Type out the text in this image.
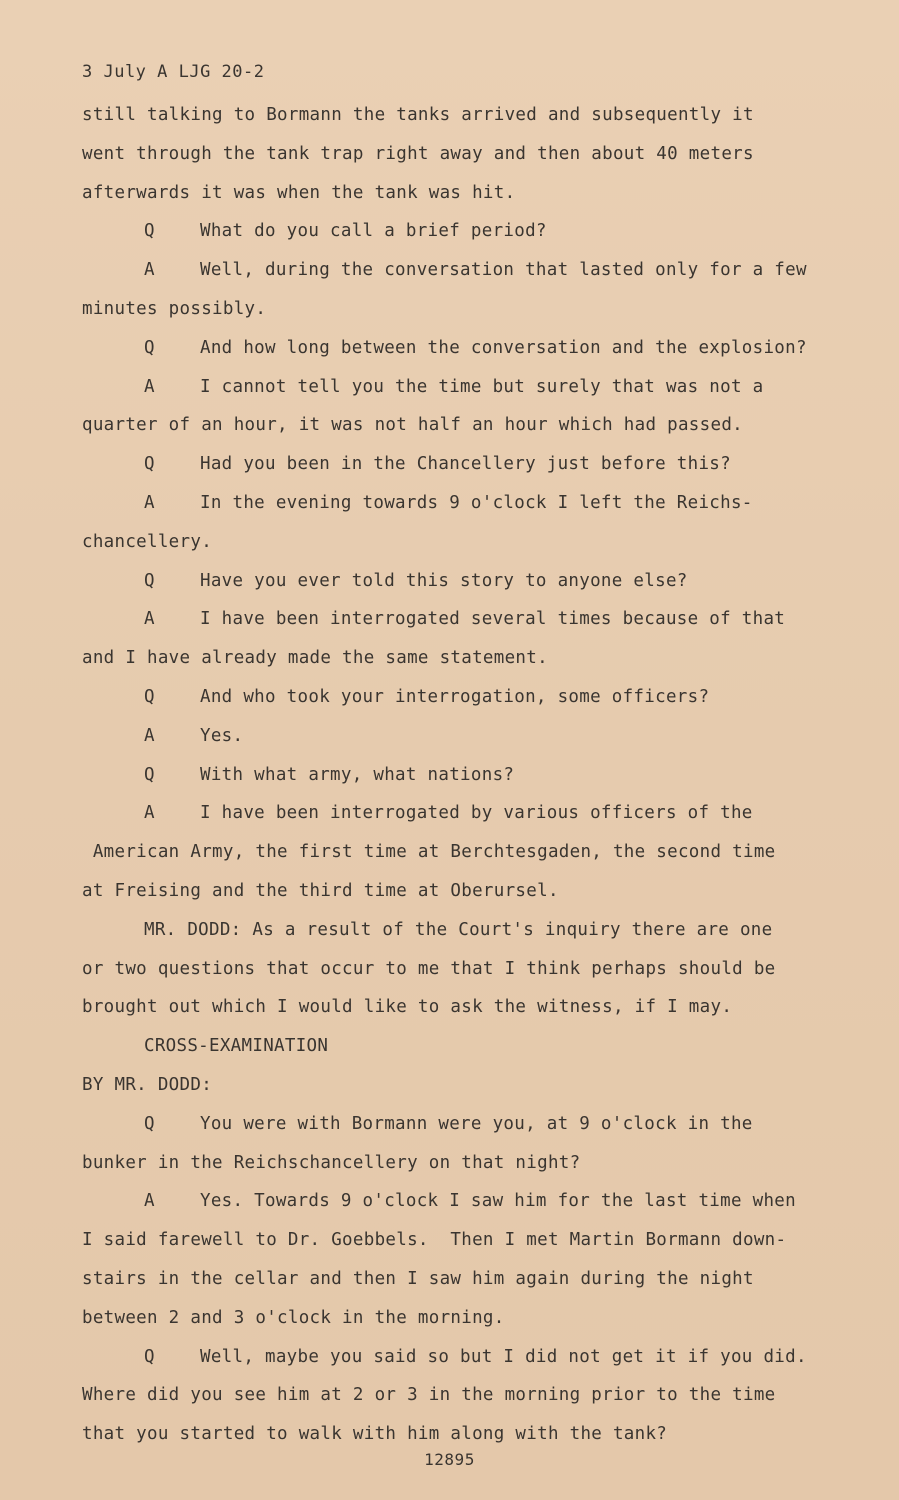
3 July A LJG 20-2
still talking to Bormann the tanks arrived and subsequently it
went through the tank trap right away and then about 40 meters
afterwards it was when the tank was hit.
Q	What do you call a brief period?
A	Well, during the conversation that lasted only for a few
minutes possibly.
Q	And how long between the conversation and the explosion?
A	I cannot tell you the time but surely that was not a
quarter of an hour, it was not half an hour which had passed.
Q	Had you been in the Chancellery just before this?
A	In the evening towards 9 o'clock I left the Reichs-
chancellery.
Q	Have you ever told this story to anyone else?
A	I have been interrogated several times because of that
and I have already made the same statement.
Q	And who took your interrogation, some officers?
A	Yes.
Q	With what army, what nations?
A	I have been interrogated by various officers of the
American Army, the first time at Berchtesgaden, the second time
at Freising and the third time at Oberursel.
MR. DODD: As a result of the Court's inquiry there are one
or two questions that occur to me that I think perhaps should be
brought out which I would like to ask the witness, if I may.
CROSS-EXAMINATION
BY MR. DODD:
Q	You were with Bormann were you, at 9 o'clock in the
bunker in the Reichschancellery on that night?
A	Yes. Towards 9 o'clock I saw him for the last time when
I said farewell to Dr. Goebbels.  Then I met Martin Bormann down-
stairs in the cellar and then I saw him again during the night
between 2 and 3 o'clock in the morning.
Q	Well, maybe you said so but I did not get it if you did.
Where did you see him at 2 or 3 in the morning prior to the time
that you started to walk with him along with the tank?
12895
